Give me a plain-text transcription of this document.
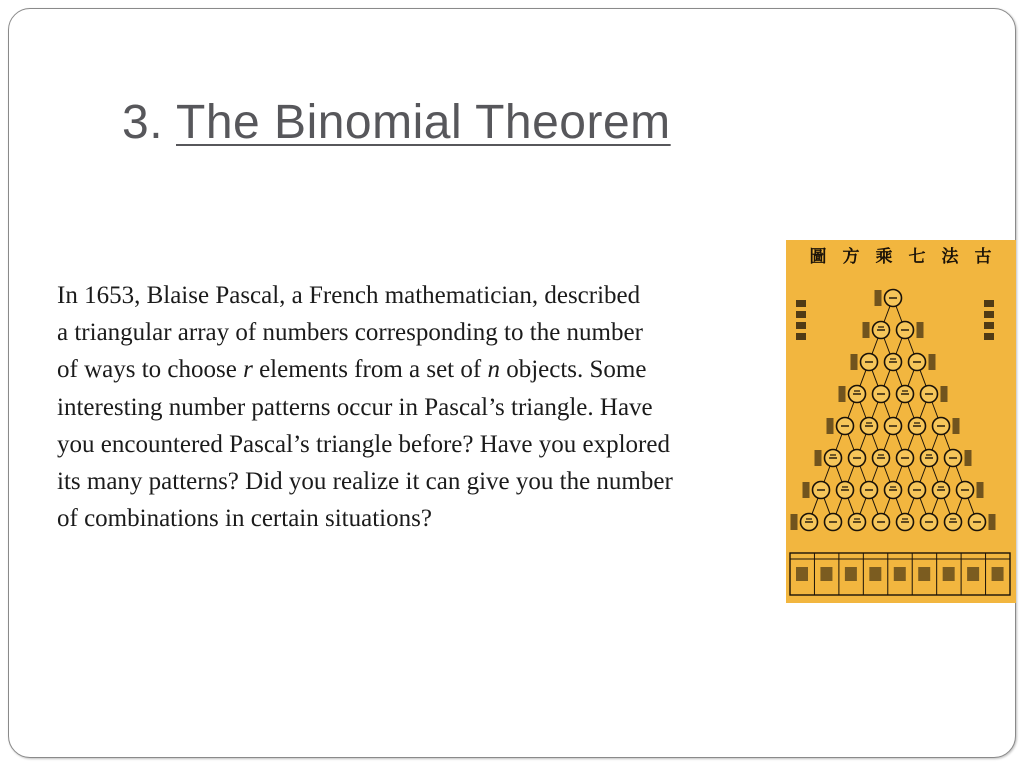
3. The Binomial Theorem
In 1653, Blaise Pascal, a French mathematician, described
a triangular array of numbers corresponding to the number
of ways to choose r elements from a set of n objects. Some
interesting number patterns occur in Pascal’s triangle. Have
you encountered Pascal’s triangle before? Have you explored
its many patterns? Did you realize it can give you the number
of combinations in certain situations?
圖 方 乘 七 法 古
